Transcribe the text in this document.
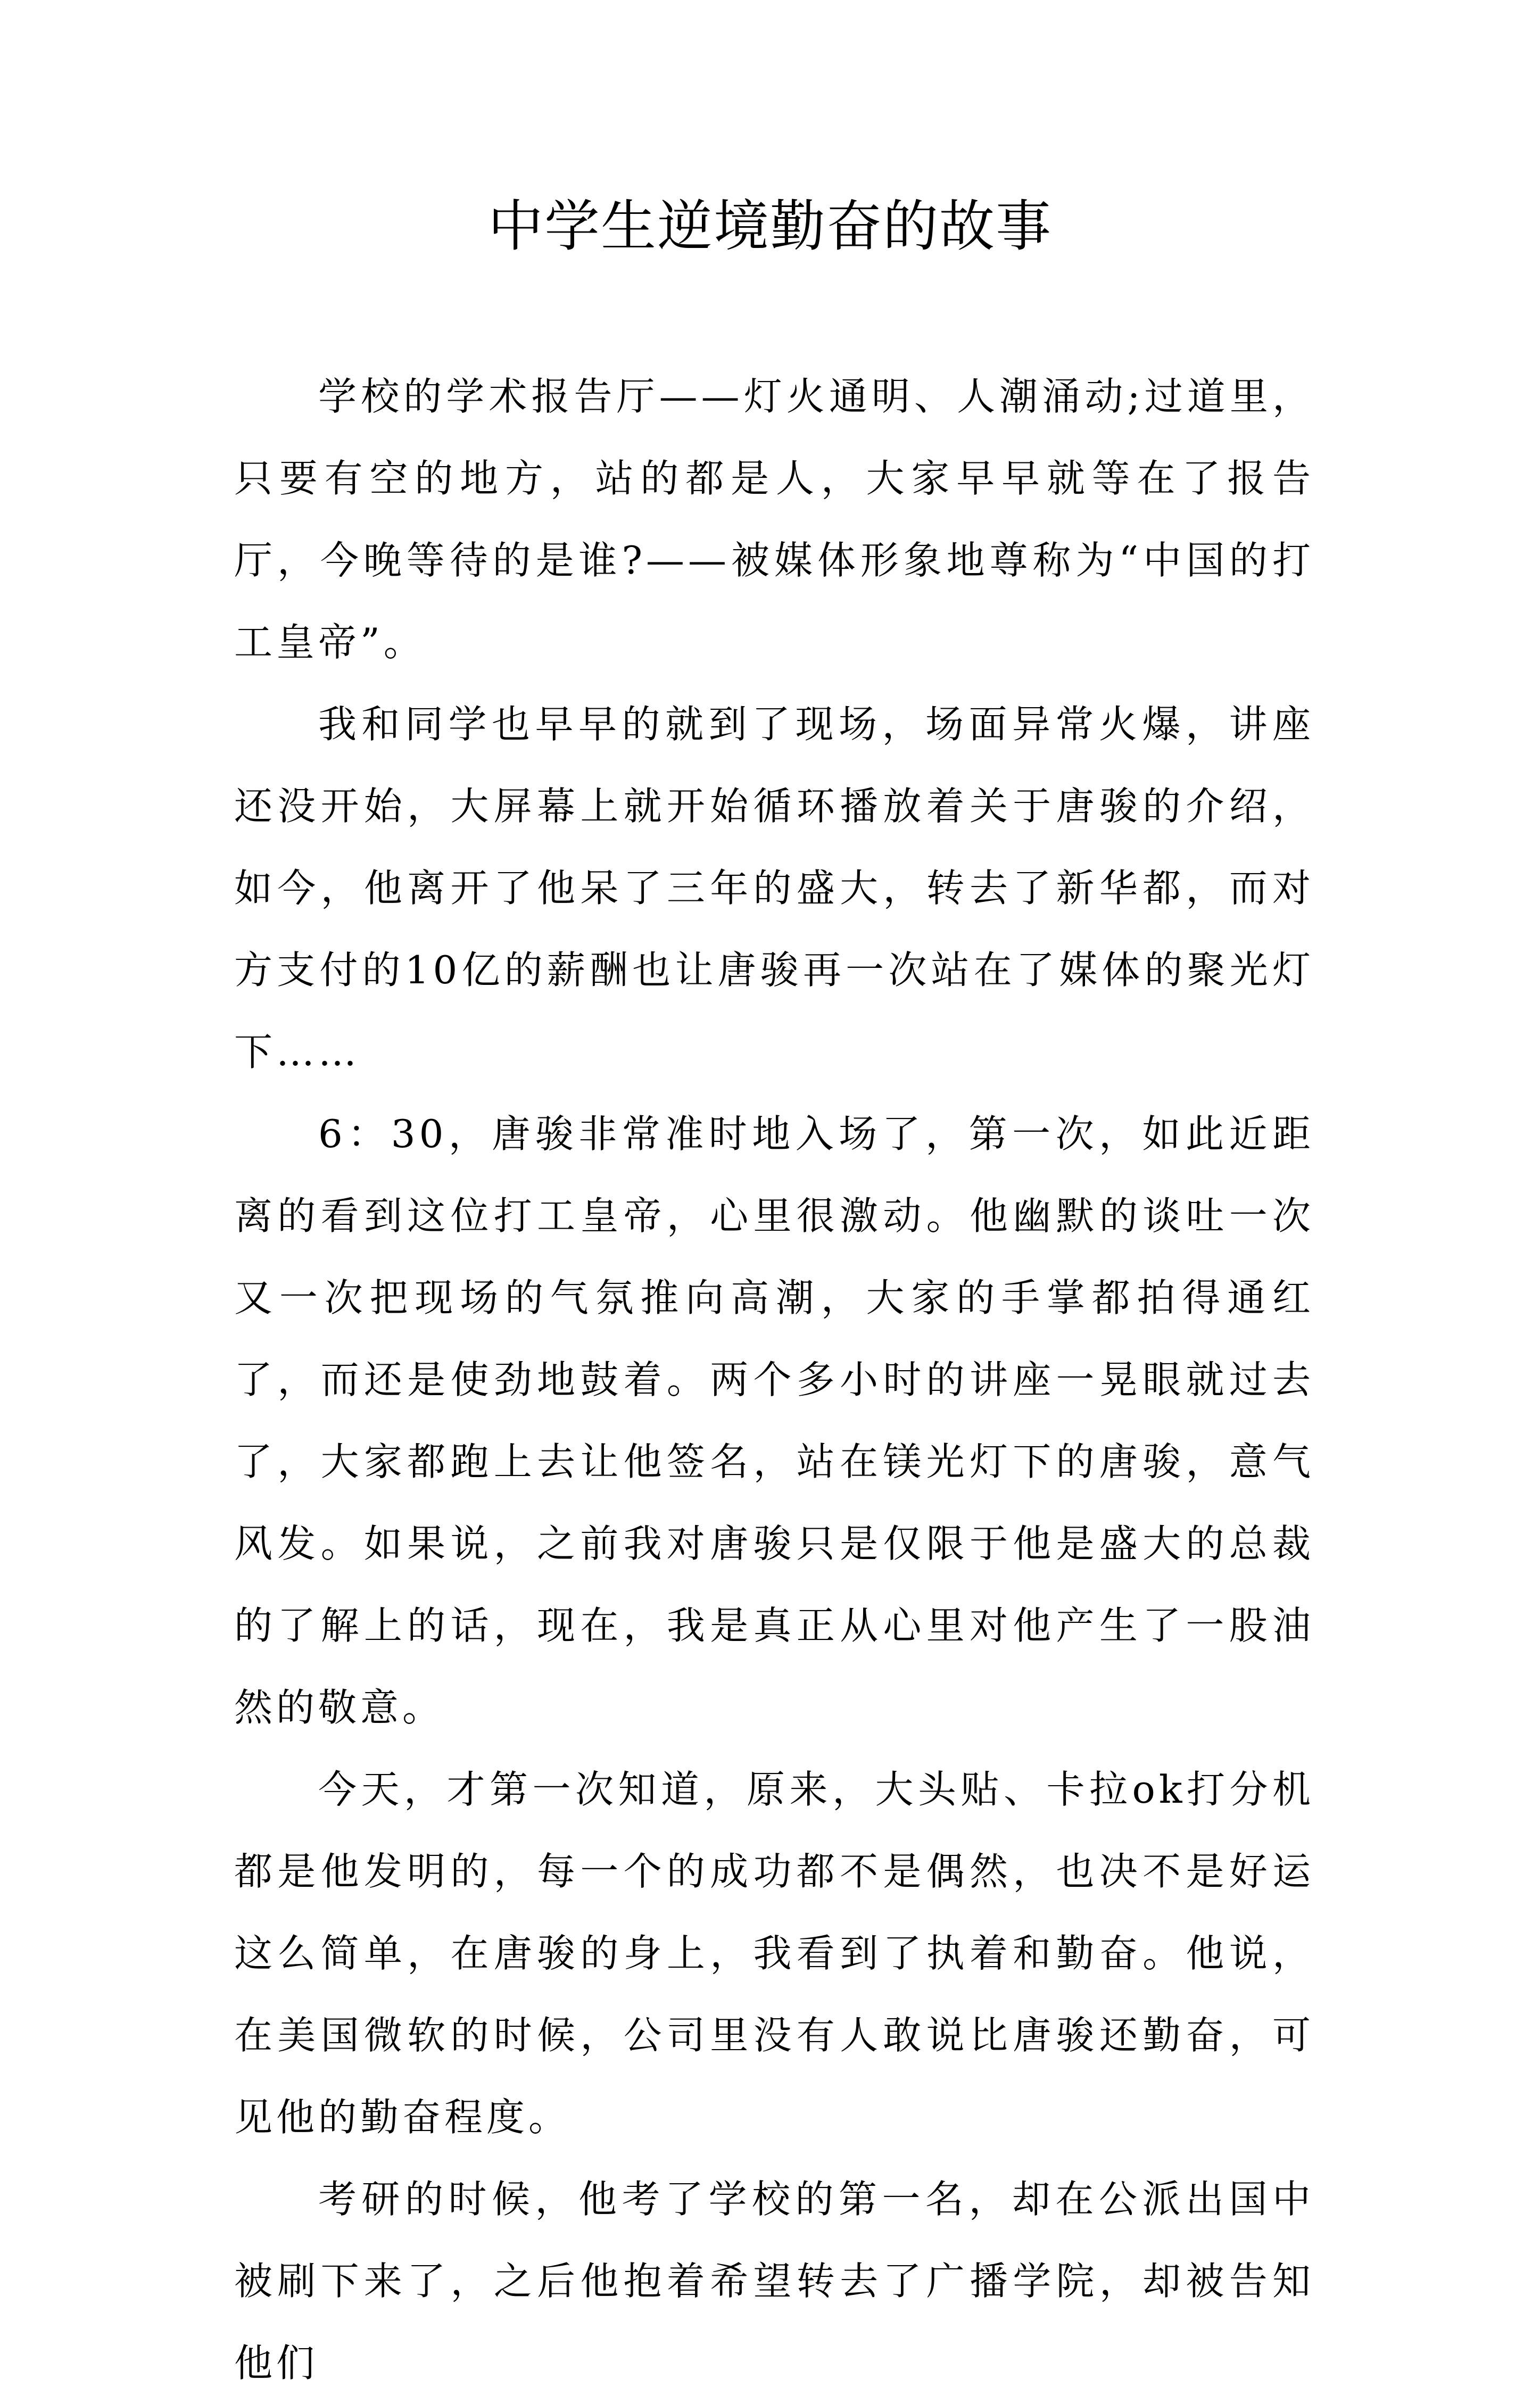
中学生逆境勤奋的故事

学校的学术报告厅——灯火通明、人潮涌动;过道里，只要有空的地方，站的都是人，大家早早就等在了报告厅，今晚等待的是谁?——被媒体形象地尊称为“中国的打工皇帝”。

我和同学也早早的就到了现场，场面异常火爆，讲座还没开始，大屏幕上就开始循环播放着关于唐骏的介绍，如今，他离开了他呆了三年的盛大，转去了新华都，而对方支付的10亿的薪酬也让唐骏再一次站在了媒体的聚光灯下……

6：30，唐骏非常准时地入场了，第一次，如此近距离的看到这位打工皇帝，心里很激动。他幽默的谈吐一次又一次把现场的气氛推向高潮，大家的手掌都拍得通红了，而还是使劲地鼓着。两个多小时的讲座一晃眼就过去了，大家都跑上去让他签名，站在镁光灯下的唐骏，意气风发。如果说，之前我对唐骏只是仅限于他是盛大的总裁的了解上的话，现在，我是真正从心里对他产生了一股油然的敬意。

今天，才第一次知道，原来，大头贴、卡拉ok打分机都是他发明的，每一个的成功都不是偶然，也决不是好运这么简单，在唐骏的身上，我看到了执着和勤奋。他说，在美国微软的时候，公司里没有人敢说比唐骏还勤奋，可见他的勤奋程度。

考研的时候，他考了学校的第一名，却在公派出国中被刷下来了，之后他抱着希望转去了广播学院，却被告知他们
